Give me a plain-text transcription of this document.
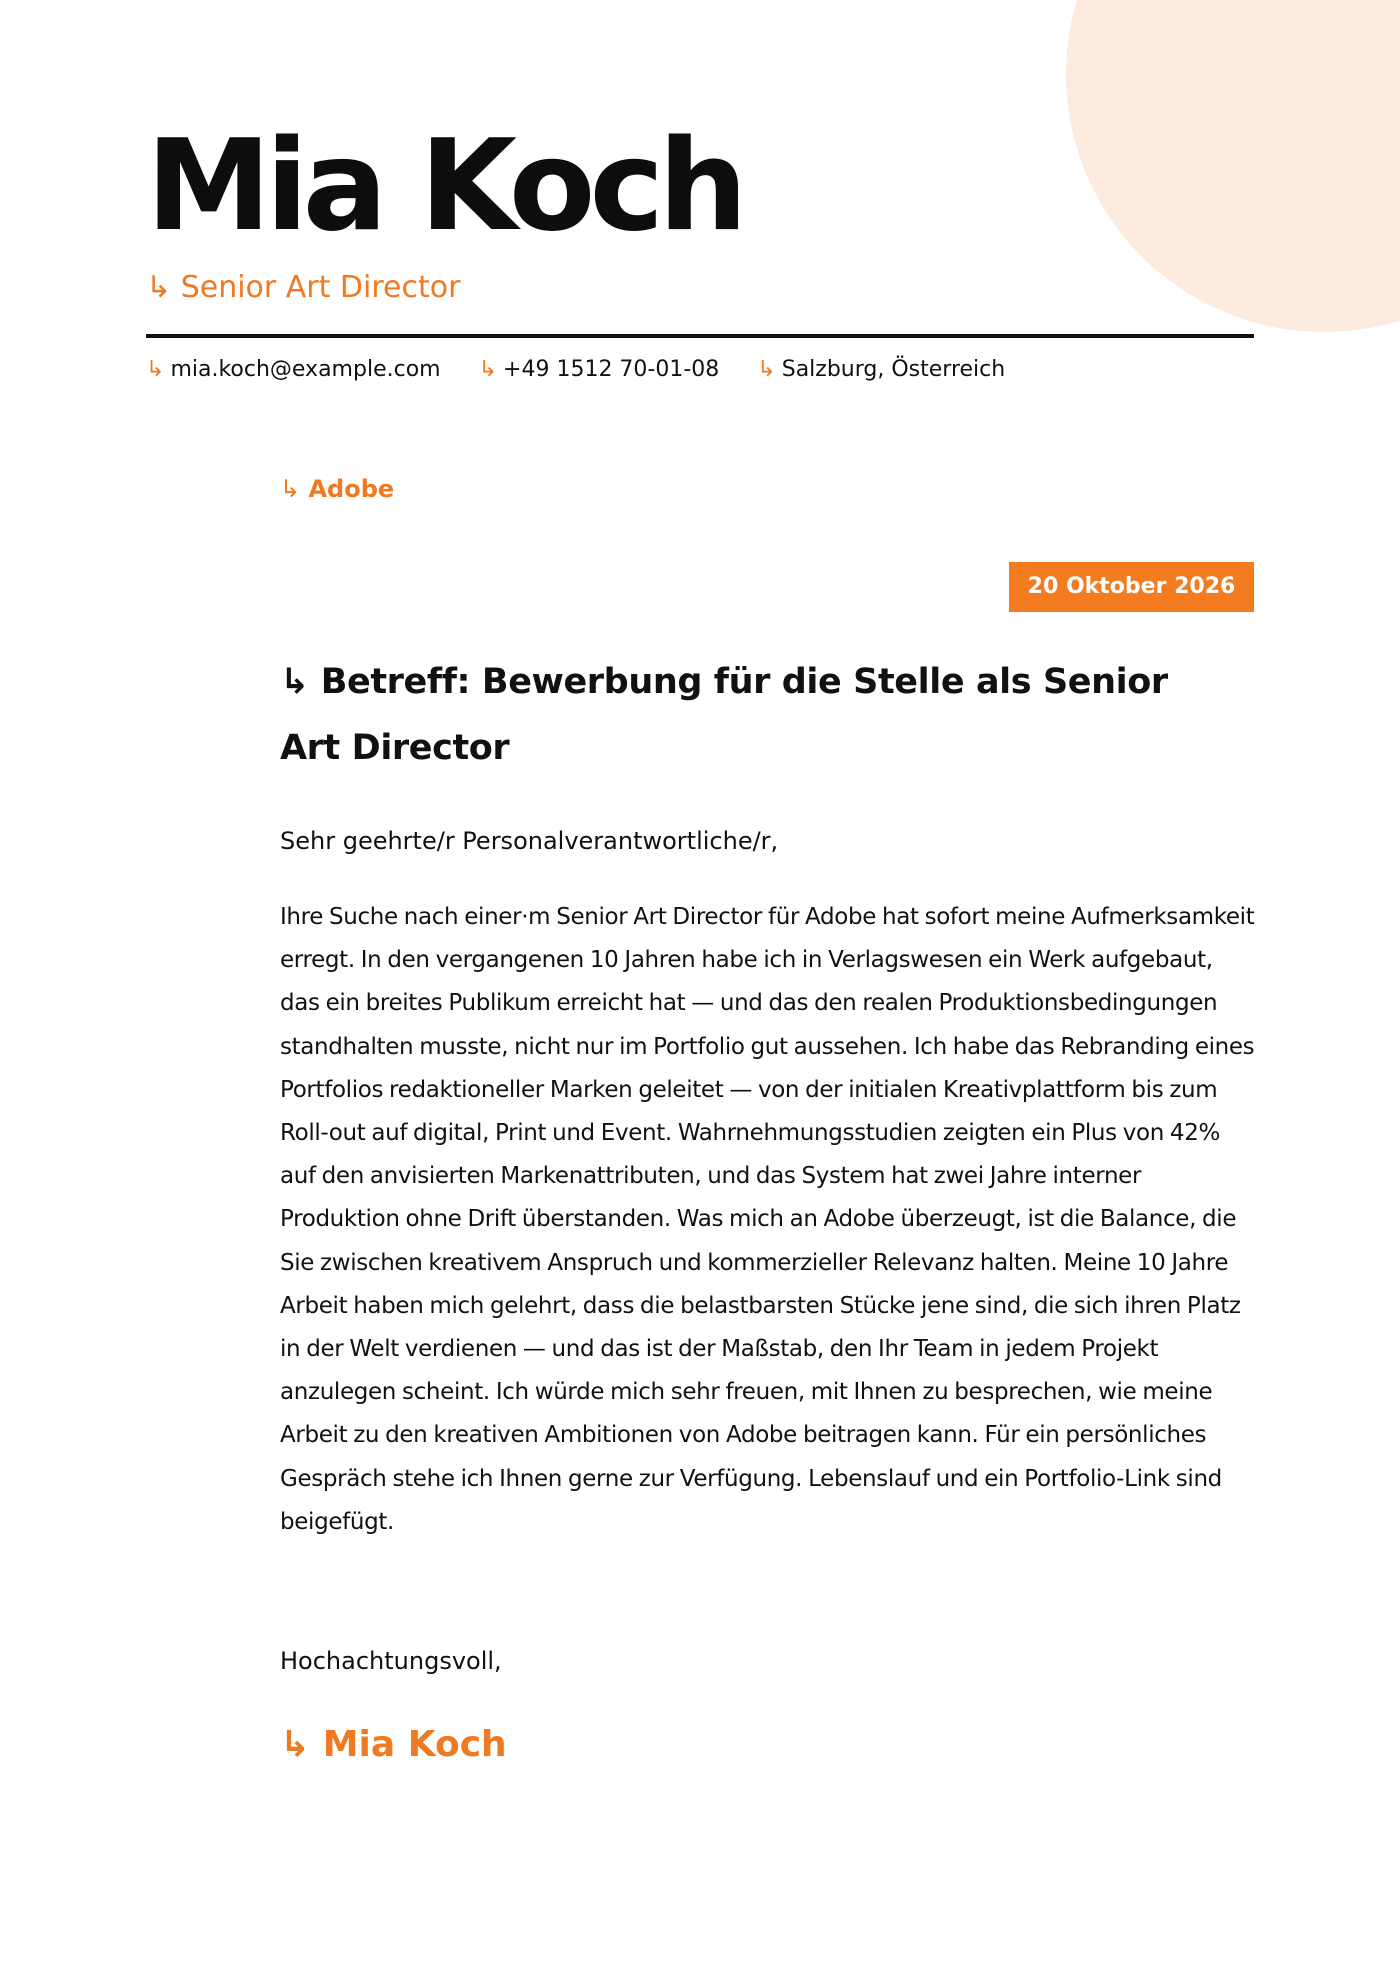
Mia Koch
↳ Senior Art Director
↳ mia.koch@example.com ↳ +49 1512 70-01-08 ↳ Salzburg, Österreich
↳ Adobe
20 Oktober 2026
↳ Betreff: Bewerbung für die Stelle als Senior Art Director
Sehr geehrte/r Personalverantwortliche/r,

Ihre Suche nach einer·m Senior Art Director für Adobe hat sofort meine Aufmerksamkeit erregt. In den vergangenen 10 Jahren habe ich in Verlagswesen ein Werk aufgebaut, das ein breites Publikum erreicht hat — und das den realen Produktionsbedingungen standhalten musste, nicht nur im Portfolio gut aussehen. Ich habe das Rebranding eines Portfolios redaktioneller Marken geleitet — von der initialen Kreativplattform bis zum Roll-out auf digital, Print und Event. Wahrnehmungsstudien zeigten ein Plus von 42% auf den anvisierten Markenattributen, und das System hat zwei Jahre interner Produktion ohne Drift überstanden. Was mich an Adobe überzeugt, ist die Balance, die Sie zwischen kreativem Anspruch und kommerzieller Relevanz halten. Meine 10 Jahre Arbeit haben mich gelehrt, dass die belastbarsten Stücke jene sind, die sich ihren Platz in der Welt verdienen — und das ist der Maßstab, den Ihr Team in jedem Projekt anzulegen scheint. Ich würde mich sehr freuen, mit Ihnen zu besprechen, wie meine Arbeit zu den kreativen Ambitionen von Adobe beitragen kann. Für ein persönliches Gespräch stehe ich Ihnen gerne zur Verfügung. Lebenslauf und ein Portfolio-Link sind beigefügt.

Hochachtungsvoll,
↳ Mia Koch
